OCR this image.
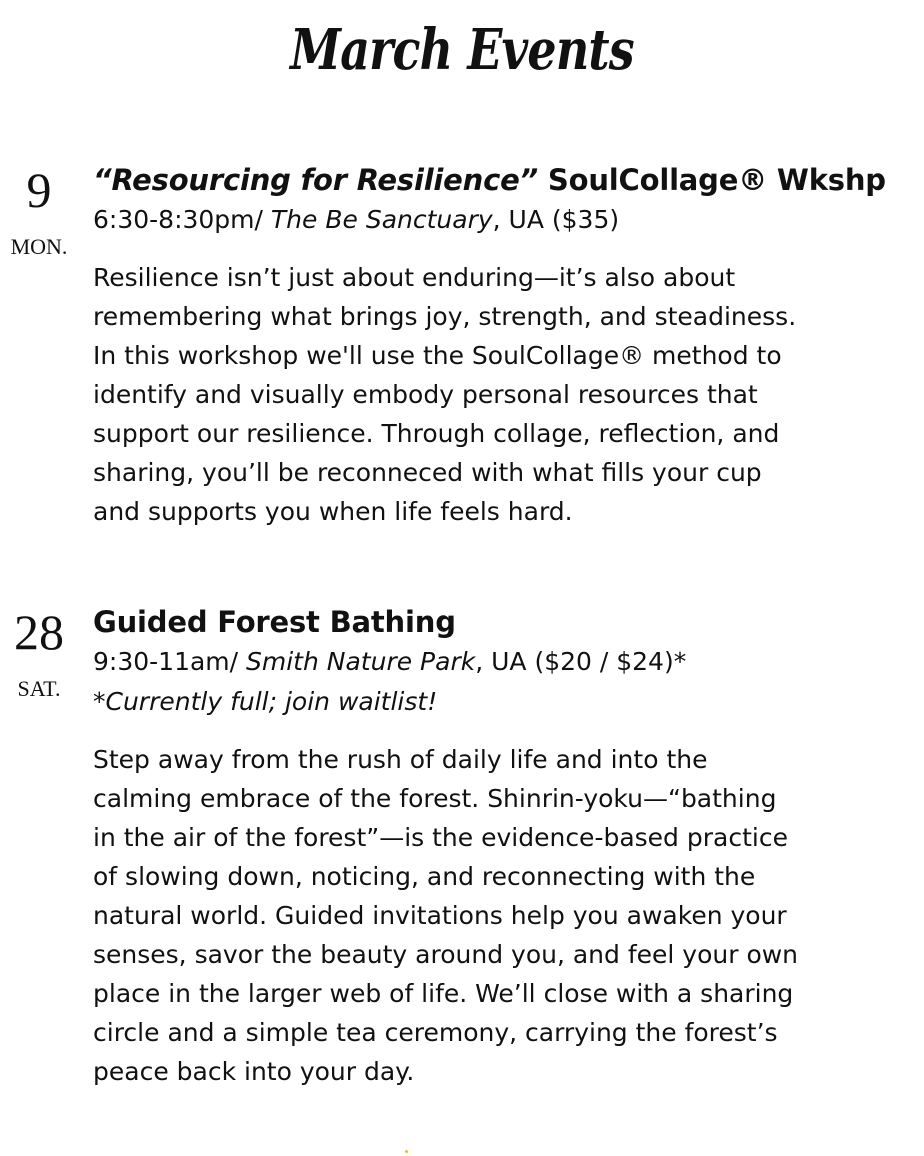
March Events
9
MON.
“Resourcing for Resilience” SoulCollage® Wkshp
6:30-8:30pm/ The Be Sanctuary, UA ($35)
Resilience isn’t just about enduring—it’s also about
remembering what brings joy, strength, and steadiness.
In this workshop we'll use the SoulCollage® method to
identify and visually embody personal resources that
support our resilience. Through collage, reflection, and
sharing, you’ll be reconneced with what fills your cup
and supports you when life feels hard.
28
SAT.
Guided Forest Bathing
9:30-11am/ Smith Nature Park, UA ($20 / $24)*
*Currently full; join waitlist!
Step away from the rush of daily life and into the
calming embrace of the forest. Shinrin-yoku—“bathing
in the air of the forest”—is the evidence-based practice
of slowing down, noticing, and reconnecting with the
natural world. Guided invitations help you awaken your
senses, savor the beauty around you, and feel your own
place in the larger web of life. We’ll close with a sharing
circle and a simple tea ceremony, carrying the forest’s
peace back into your day.
